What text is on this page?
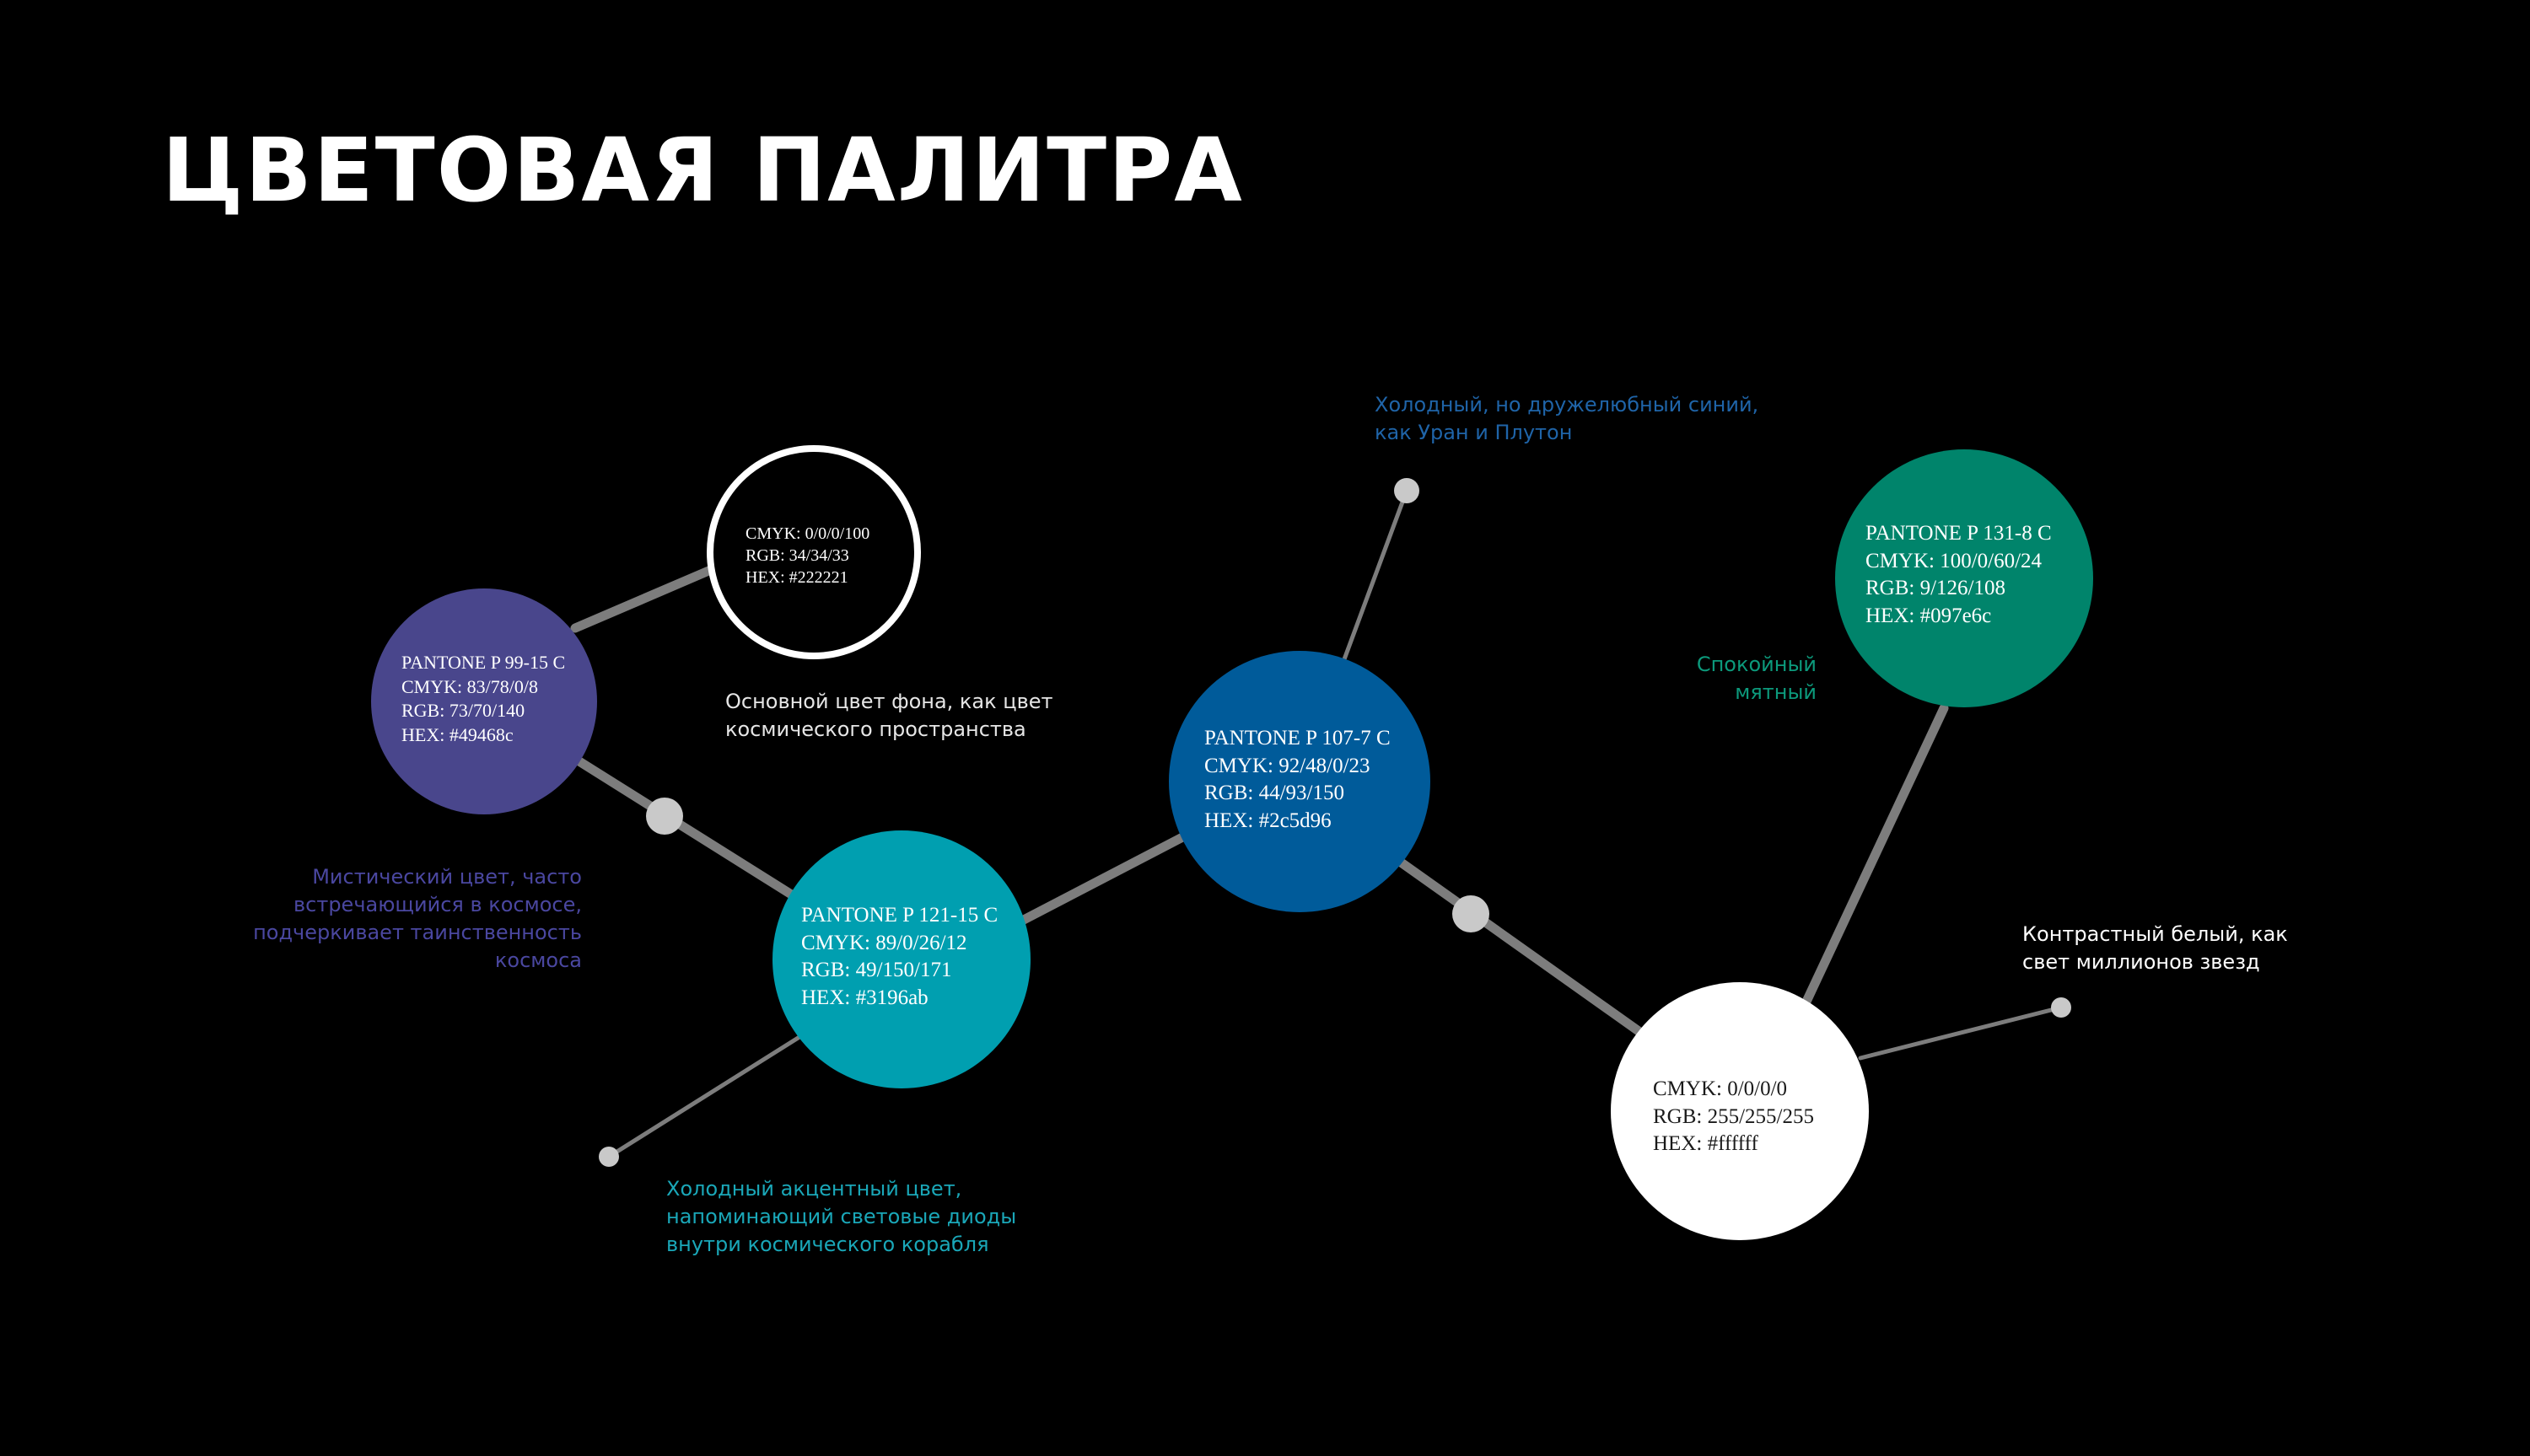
ЦВЕТОВАЯ ПАЛИТРА
CMYK: 0/0/0/100
RGB: 34/34/33
HEX: #222221
PANTONE P 99-15 C
CMYK: 83/78/0/8
RGB: 73/70/140
HEX: #49468c
PANTONE P 121-15 C
CMYK: 89/0/26/12
RGB: 49/150/171
HEX: #3196ab
PANTONE P 107-7 C
CMYK: 92/48/0/23
RGB: 44/93/150
HEX: #2c5d96
PANTONE P 131-8 C
CMYK: 100/0/60/24
RGB: 9/126/108
HEX: #097e6c
CMYK: 0/0/0/0
RGB: 255/255/255
HEX: #ffffff
Основной цвет фона, как цвет
космического пространства
Мистический цвет, часто
встречающийся в космосе,
подчеркивает таинственность
космоса
Холодный акцентный цвет,
напоминающий световые диоды
внутри космического корабля
Холодный, но дружелюбный синий,
как Уран и Плутон
Спокойный
мятный
Контрастный белый, как
свет миллионов звезд
